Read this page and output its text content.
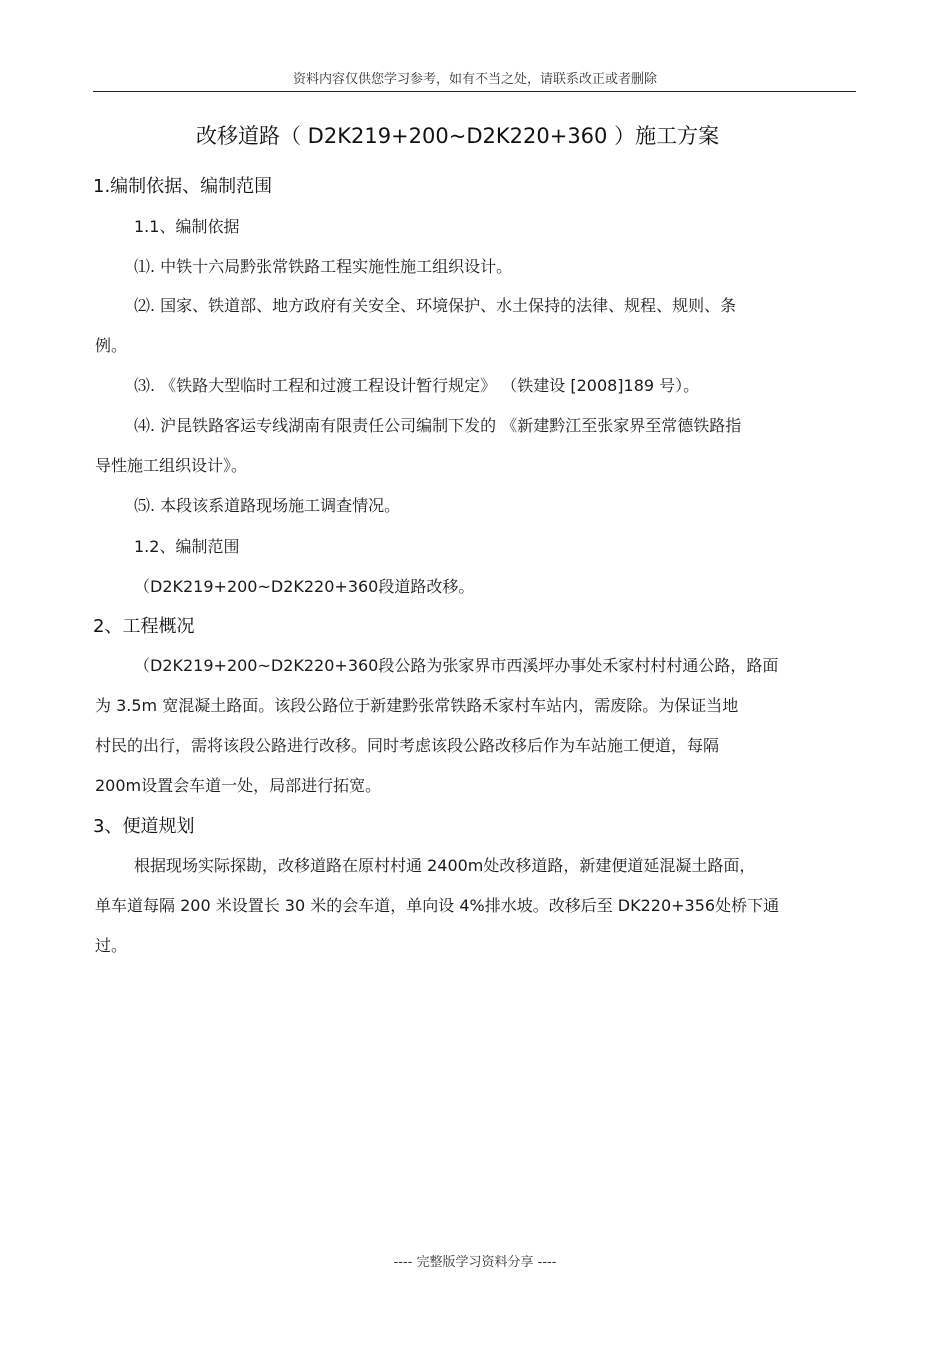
资料内容仅供您学习参考，如有不当之处，请联系改正或者删除
改移道路（ D2K219+200~D2K220+360 ）施工方案
1.编制依据、编制范围
1.1、编制依据
⑴. 中铁十六局黔张常铁路工程实施性施工组织设计。
⑵. 国家、铁道部、地方政府有关安全、环境保护、水土保持的法律、规程、规则、条
例。
⑶. 《铁路大型临时工程和过渡工程设计暂行规定》 （铁建设 [2008]189 号）。
⑷. 沪昆铁路客运专线湖南有限责任公司编制下发的 《新建黔江至张家界至常德铁路指
导性施工组织设计》。
⑸. 本段该系道路现场施工调查情况。
1.2、编制范围
（D2K219+200~D2K220+360段道路改移。
2、工程概况
（D2K219+200~D2K220+360段公路为张家界市西溪坪办事处禾家村村村通公路，路面
为 3.5m 宽混凝土路面。该段公路位于新建黔张常铁路禾家村车站内，需废除。为保证当地
村民的出行，需将该段公路进行改移。同时考虑该段公路改移后作为车站施工便道，每隔
200m设置会车道一处，局部进行拓宽。
3、便道规划
根据现场实际探勘，改移道路在原村村通 2400m处改移道路，新建便道延混凝土路面，
单车道每隔 200 米设置长 30 米的会车道，单向设 4%排水坡。改移后至 DK220+356处桥下通
过。
---- 完整版学习资料分享 ----
